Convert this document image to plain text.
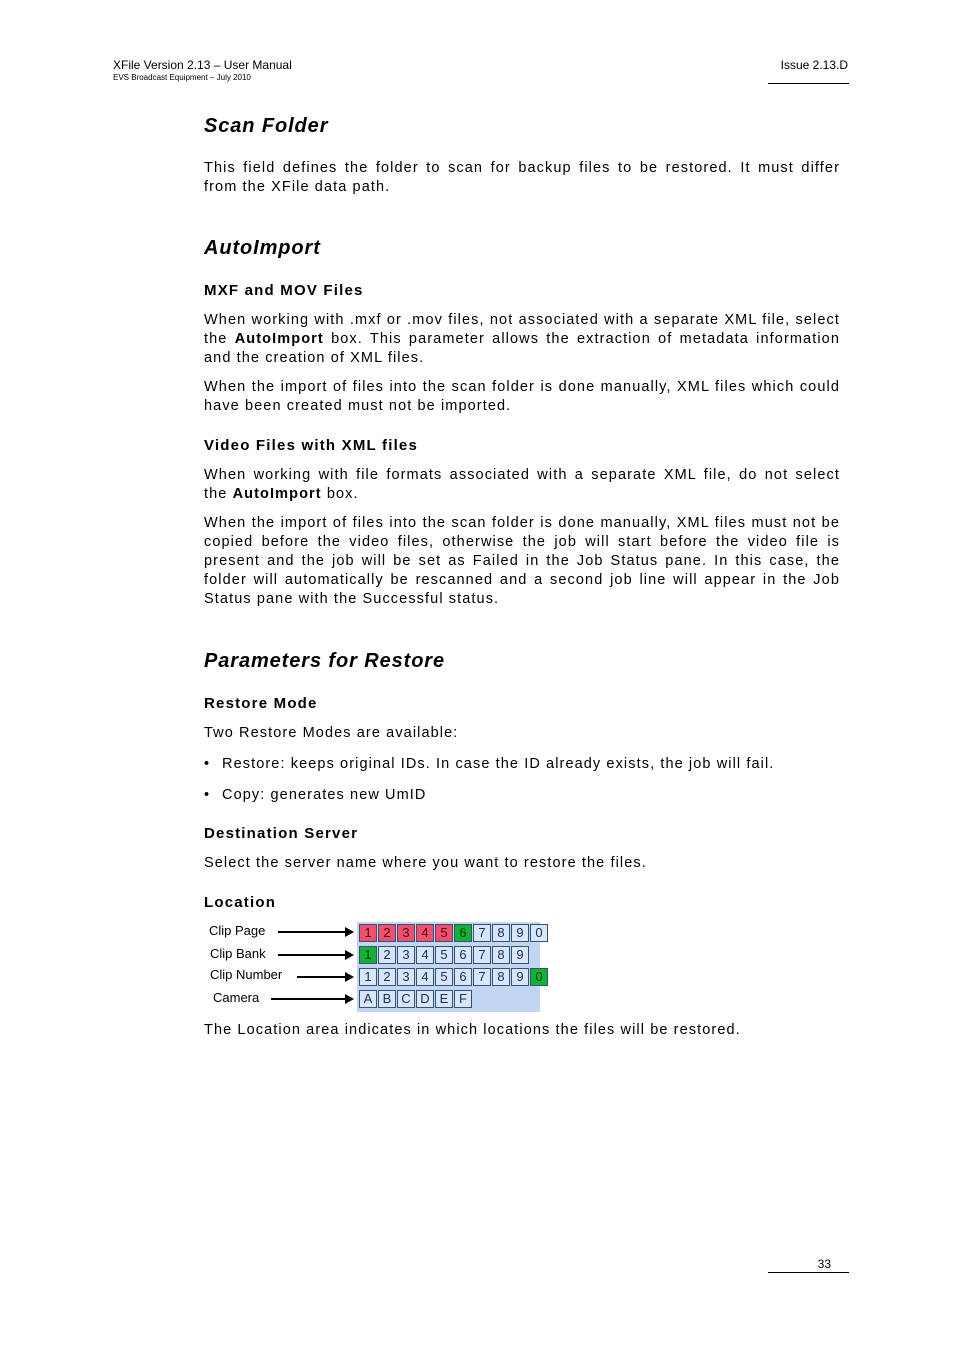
XFile Version 2.13 – User Manual
EVS Broadcast Equipment – July 2010
Issue 2.13.D
Scan Folder

This field defines the folder to scan for backup files to be restored. It must differ from the XFile data path.

AutoImport
MXF and MOV Files

When working with .mxf or .mov files, not associated with a separate XML file, select the AutoImport box. This parameter allows the extraction of metadata information and the creation of XML files.

When the import of files into the scan folder is done manually, XML files which could have been created must not be imported.

Video Files with XML files

When working with file formats associated with a separate XML file, do not select the AutoImport box.

When the import of files into the scan folder is done manually, XML files must not be copied before the video files, otherwise the job will start before the video file is present and the job will be set as Failed in the Job Status pane. In this case, the folder will automatically be rescanned and a second job line will appear in the Job Status pane with the Successful status.

Parameters for Restore
Restore Mode

Two Restore Modes are available:

• Restore: keeps original IDs. In case the ID already exists, the job will fail.
• Copy: generates new UmID
Destination Server

Select the server name where you want to restore the files.

Location

The Location area indicates in which locations the files will be restored.

Clip Page
Clip Bank
Clip Number
Camera
1 2 3 4 5 6 7 8 9 0
1 2 3 4 5 6 7 8 9
1 2 3 4 5 6 7 8 9 0
A B C D E F
33
